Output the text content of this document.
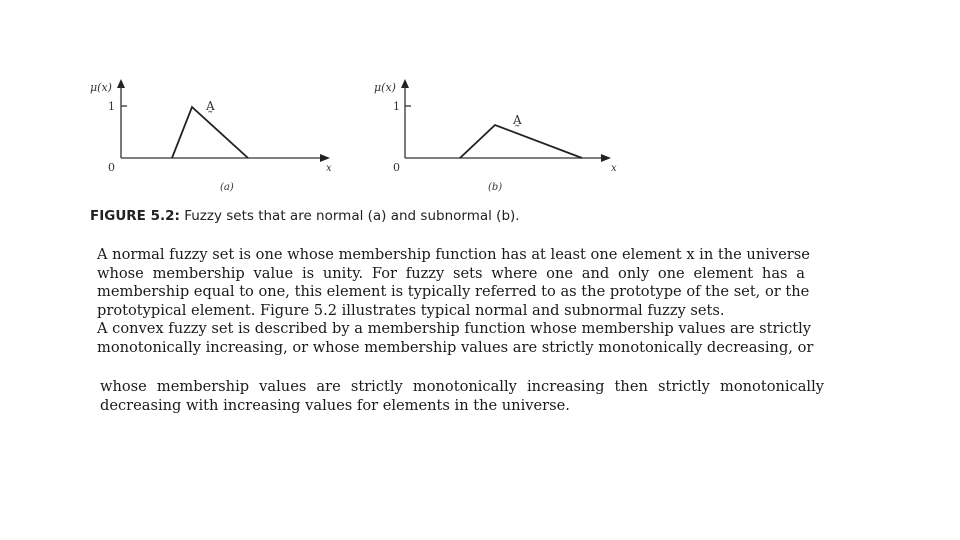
μ(x)
1
0	x
A̰
(a)
μ(x)
1
0	x
A̰
(b)
FIGURE 5.2: Fuzzy sets that are normal (a) and subnormal (b).
A normal fuzzy set is one whose membership function has at least one element x in the universe
whose membership value is unity. For fuzzy sets where one and only one element has a
membership equal to one, this element is typically referred to as the prototype of the set, or the
prototypical element. Figure 5.2 illustrates typical normal and subnormal fuzzy sets.
A convex fuzzy set is described by a membership function whose membership values are strictly
monotonically increasing, or whose membership values are strictly monotonically decreasing, or
whose membership values are strictly monotonically increasing then strictly monotonically
decreasing with increasing values for elements in the universe.
